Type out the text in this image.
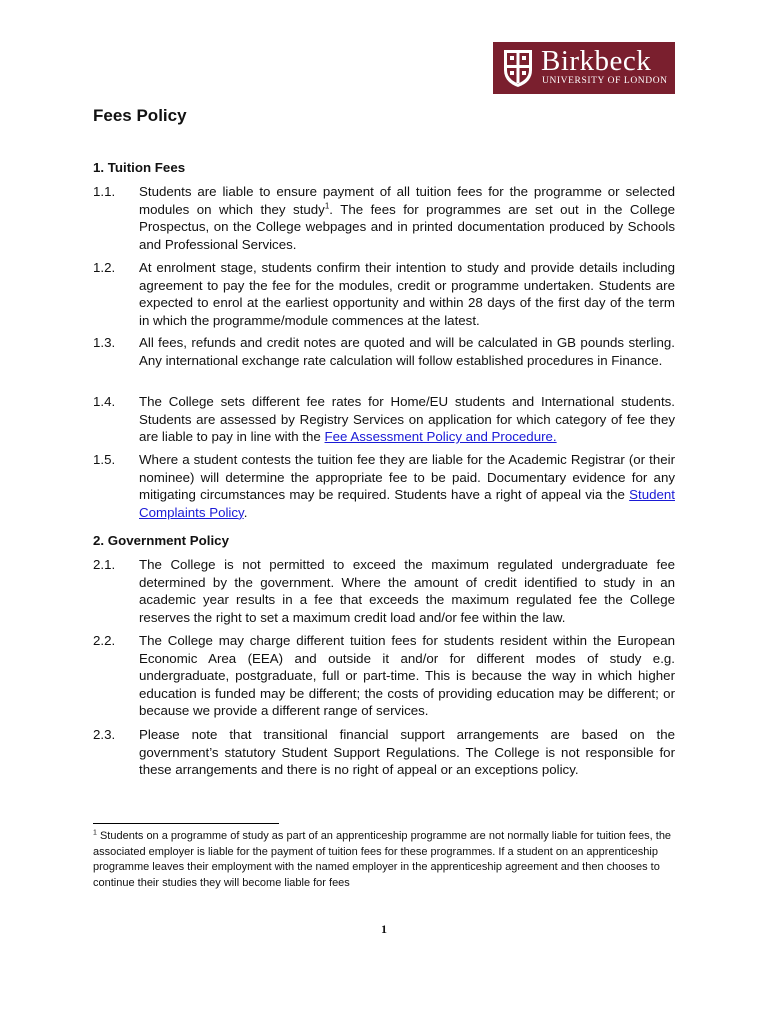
Birkbeck
UNIVERSITY OF LONDON
Fees Policy
1. Tuition Fees
1.1. Students are liable to ensure payment of all tuition fees for the programme or selected modules on which they study$^1$. The fees for programmes are set out in the College Prospectus, on the College webpages and in printed documentation produced by Schools and Professional Services.
1.2. At enrolment stage, students confirm their intention to study and provide details including agreement to pay the fee for the modules, credit or programme undertaken. Students are expected to enrol at the earliest opportunity and within 28 days of the first day of the term in which the programme/module commences at the latest.
1.3. All fees, refunds and credit notes are quoted and will be calculated in GB pounds sterling. Any international exchange rate calculation will follow established procedures in Finance.
1.4. The College sets different fee rates for Home/EU students and International students. Students are assessed by Registry Services on application for which category of fee they are liable to pay in line with the Fee Assessment Policy and Procedure.
1.5. Where a student contests the tuition fee they are liable for the Academic Registrar (or their nominee) will determine the appropriate fee to be paid. Documentary evidence for any mitigating circumstances may be required. Students have a right of appeal via the Student Complaints Policy.
2. Government Policy
2.1. The College is not permitted to exceed the maximum regulated undergraduate fee determined by the government. Where the amount of credit identified to study in an academic year results in a fee that exceeds the maximum regulated fee the College reserves the right to set a maximum credit load and/or fee within the law.
2.2. The College may charge different tuition fees for students resident within the European Economic Area (EEA) and outside it and/or for different modes of study e.g. undergraduate, postgraduate, full or part-time. This is because the way in which higher education is funded may be different; the costs of providing education may be different; or because we provide a different range of services.
2.3. Please note that transitional financial support arrangements are based on the government’s statutory Student Support Regulations. The College is not responsible for these arrangements and there is no right of appeal or an exceptions policy.
$^1$ Students on a programme of study as part of an apprenticeship programme are not normally liable for tuition fees, the associated employer is liable for the payment of tuition fees for these programmes. If a student on an apprenticeship programme leaves their employment with the named employer in the apprenticeship agreement and then chooses to continue their studies they will become liable for fees
1
